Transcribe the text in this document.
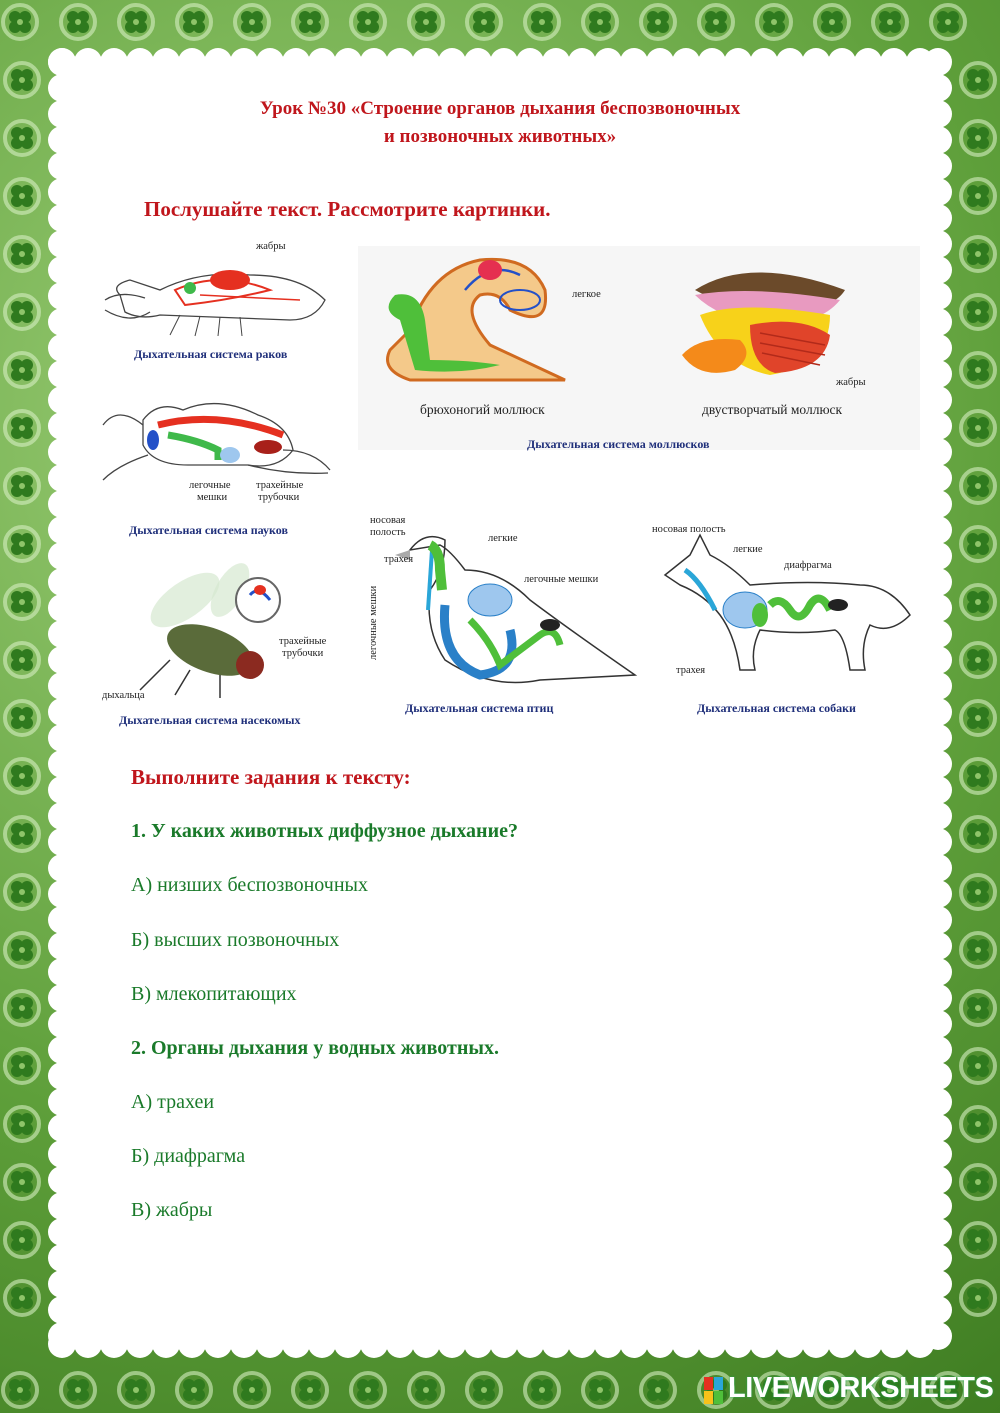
Урок №30 «Строение органов дыхания беспозвоночных
и позвоночных животных»
Послушайте текст. Рассмотрите картинки.
жабры
Дыхательная система раков
легкое
брюхоногий моллюск
жабры
двустворчатый моллюск
Дыхательная система моллюсков
легочные
мешки
трахейные
трубочки
Дыхательная система пауков
носовая
полость
трахея
легкие
легочные мешки
легочные мешки
Дыхательная система птиц
носовая полость
легкие
диафрагма
трахея
Дыхательная система собаки
трахейные
трубочки
дыхальца
Дыхательная система насекомых
Выполните задания к тексту:
1. У каких животных диффузное дыхание?
А) низших беспозвоночных
Б) высших позвоночных
В) млекопитающих
2. Органы дыхания у водных животных.
А) трахеи
Б) диафрагма
В) жабры
LIVEWORKSHEETS
